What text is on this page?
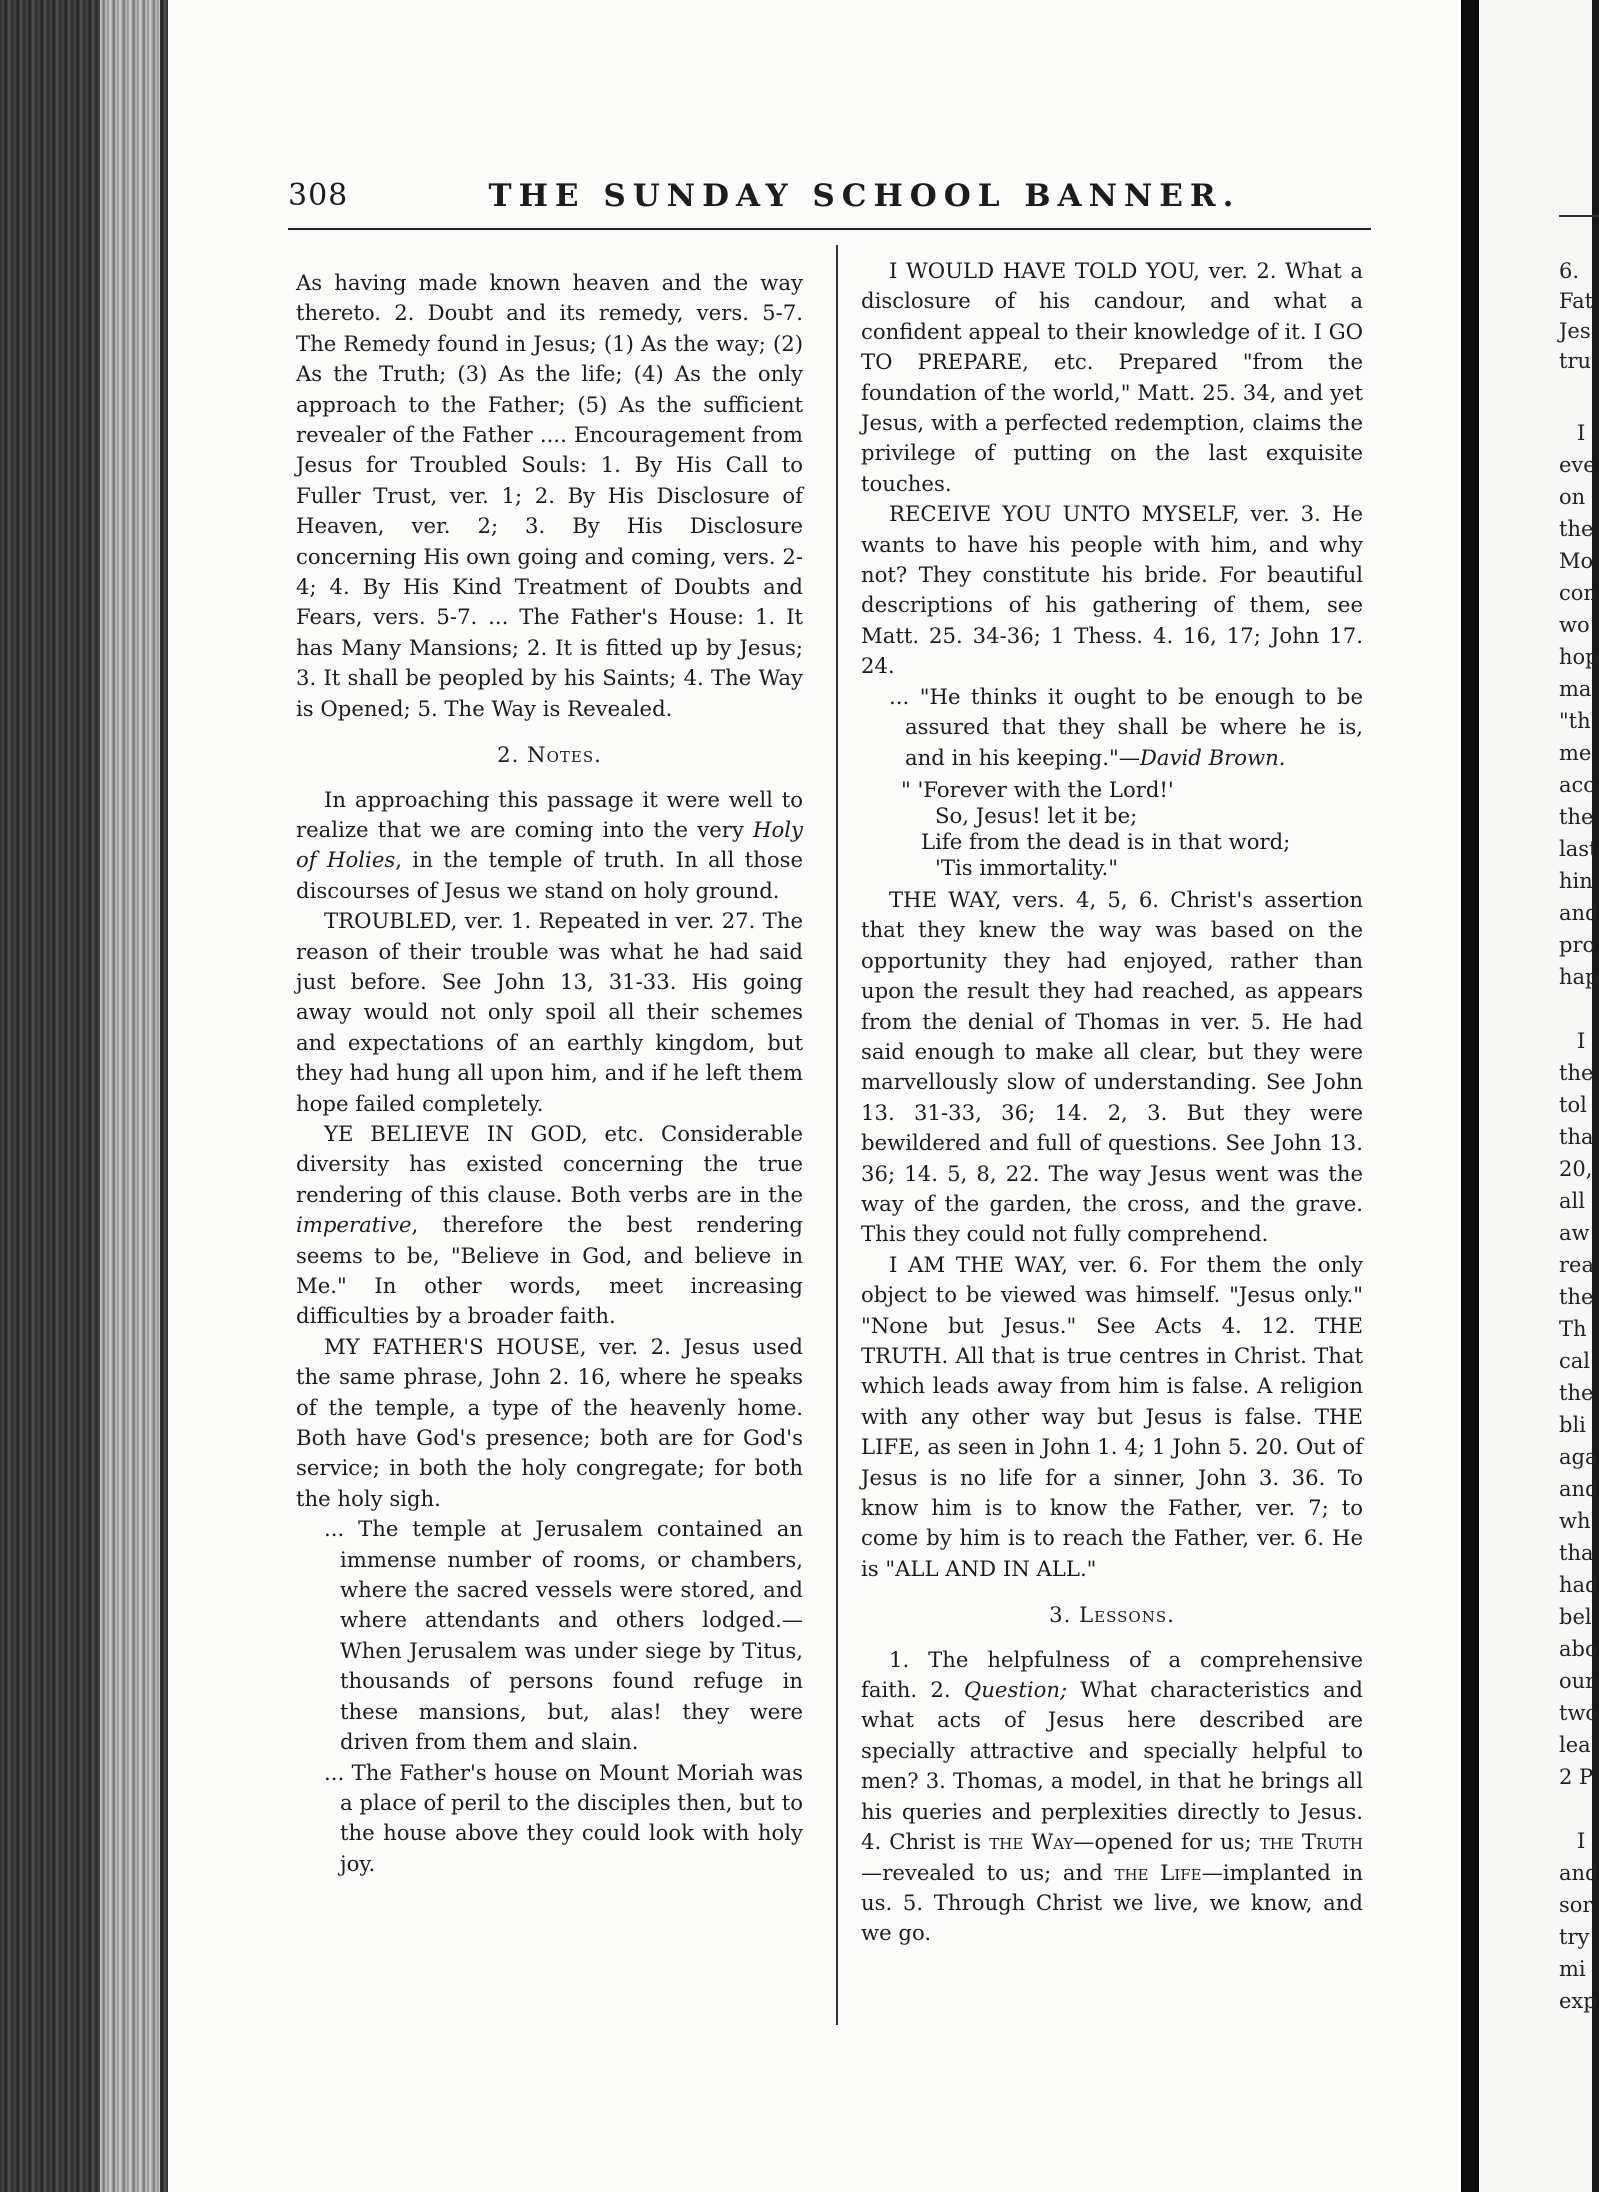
308	THE SUNDAY SCHOOL BANNER.

As having made known heaven and the way thereto. 2. Doubt and its remedy, vers. 5-7. The Remedy found in Jesus; (1) As the way; (2) As the Truth; (3) As the life; (4) As the only approach to the Father; (5) As the sufficient revealer of the Father .... Encouragement from Jesus for Troubled Souls: 1. By His Call to Fuller Trust, ver. 1; 2. By His Disclosure of Heaven, ver. 2; 3. By His Disclosure concerning His own going and coming, vers. 2-4; 4. By His Kind Treatment of Doubts and Fears, vers. 5-7. ... The Father's House: 1. It has Many Mansions; 2. It is fitted up by Jesus; 3. It shall be peopled by his Saints; 4. The Way is Opened; 5. The Way is Revealed.

2. Notes.

In approaching this passage it were well to realize that we are coming into the very Holy of Holies, in the temple of truth. In all those discourses of Jesus we stand on holy ground.

TROUBLED, ver. 1. Repeated in ver. 27. The reason of their trouble was what he had said just before. See John 13, 31-33. His going away would not only spoil all their schemes and expectations of an earthly kingdom, but they had hung all upon him, and if he left them hope failed completely.

YE BELIEVE IN GOD, etc. Considerable diversity has existed concerning the true rendering of this clause. Both verbs are in the imperative, therefore the best rendering seems to be, "Believe in God, and believe in Me." In other words, meet increasing difficulties by a broader faith.

MY FATHER'S HOUSE, ver. 2. Jesus used the same phrase, John 2. 16, where he speaks of the temple, a type of the heavenly home. Both have God's presence; both are for God's service; in both the holy congregate; for both the holy sigh.

... The temple at Jerusalem contained an immense number of rooms, or chambers, where the sacred vessels were stored, and where attendants and others lodged.—When Jerusalem was under siege by Titus, thousands of persons found refuge in these mansions, but, alas! they were driven from them and slain.

... The Father's house on Mount Moriah was a place of peril to the disciples then, but to the house above they could look with holy joy.

I WOULD HAVE TOLD YOU, ver. 2. What a disclosure of his candour, and what a confident appeal to their knowledge of it. I GO TO PREPARE, etc. Prepared "from the foundation of the world," Matt. 25. 34, and yet Jesus, with a perfected redemption, claims the privilege of putting on the last exquisite touches.

RECEIVE YOU UNTO MYSELF, ver. 3. He wants to have his people with him, and why not? They constitute his bride. For beautiful descriptions of his gathering of them, see Matt. 25. 34-36; 1 Thess. 4. 16, 17; John 17. 24.

... "He thinks it ought to be enough to be assured that they shall be where he is, and in his keeping."—David Brown.

" 'Forever with the Lord!'
So, Jesus! let it be;
Life from the dead is in that word;
'Tis immortality."

THE WAY, vers. 4, 5, 6. Christ's assertion that they knew the way was based on the opportunity they had enjoyed, rather than upon the result they had reached, as appears from the denial of Thomas in ver. 5. He had said enough to make all clear, but they were marvellously slow of understanding. See John 13. 31-33, 36; 14. 2, 3. But they were bewildered and full of questions. See John 13. 36; 14. 5, 8, 22. The way Jesus went was the way of the garden, the cross, and the grave. This they could not fully comprehend.

I AM THE WAY, ver. 6. For them the only object to be viewed was himself. "Jesus only." "None but Jesus." See Acts 4. 12. THE TRUTH. All that is true centres in Christ. That which leads away from him is false. A religion with any other way but Jesus is false. THE LIFE, as seen in John 1. 4; 1 John 5. 20. Out of Jesus is no life for a sinner, John 3. 36. To know him is to know the Father, ver. 7; to come by him is to reach the Father, ver. 6. He is "ALL AND IN ALL."

3. Lessons.

1. The helpfulness of a comprehensive faith. 2. Question; What characteristics and what acts of Jesus here described are specially attractive and specially helpful to men? 3. Thomas, a model, in that he brings all his queries and perplexities directly to Jesus. 4. Christ is the Way—opened for us; the Truth—revealed to us; and the Life—implanted in us. 5. Through Christ we live, we know, and we go.

6.
Fat
Jes
tru
I
eve
on
the
Mo
con
wo
hop
ma
"th
me
acc
the
last
hin
and
pro
hap
I
the
tol
tha
20,
all
aw
rea
the
Th
cal
the
bli
aga
and
wh
tha
had
bel
abo
our
two
lea
2 P
I
and
sor
try
mi
exp
